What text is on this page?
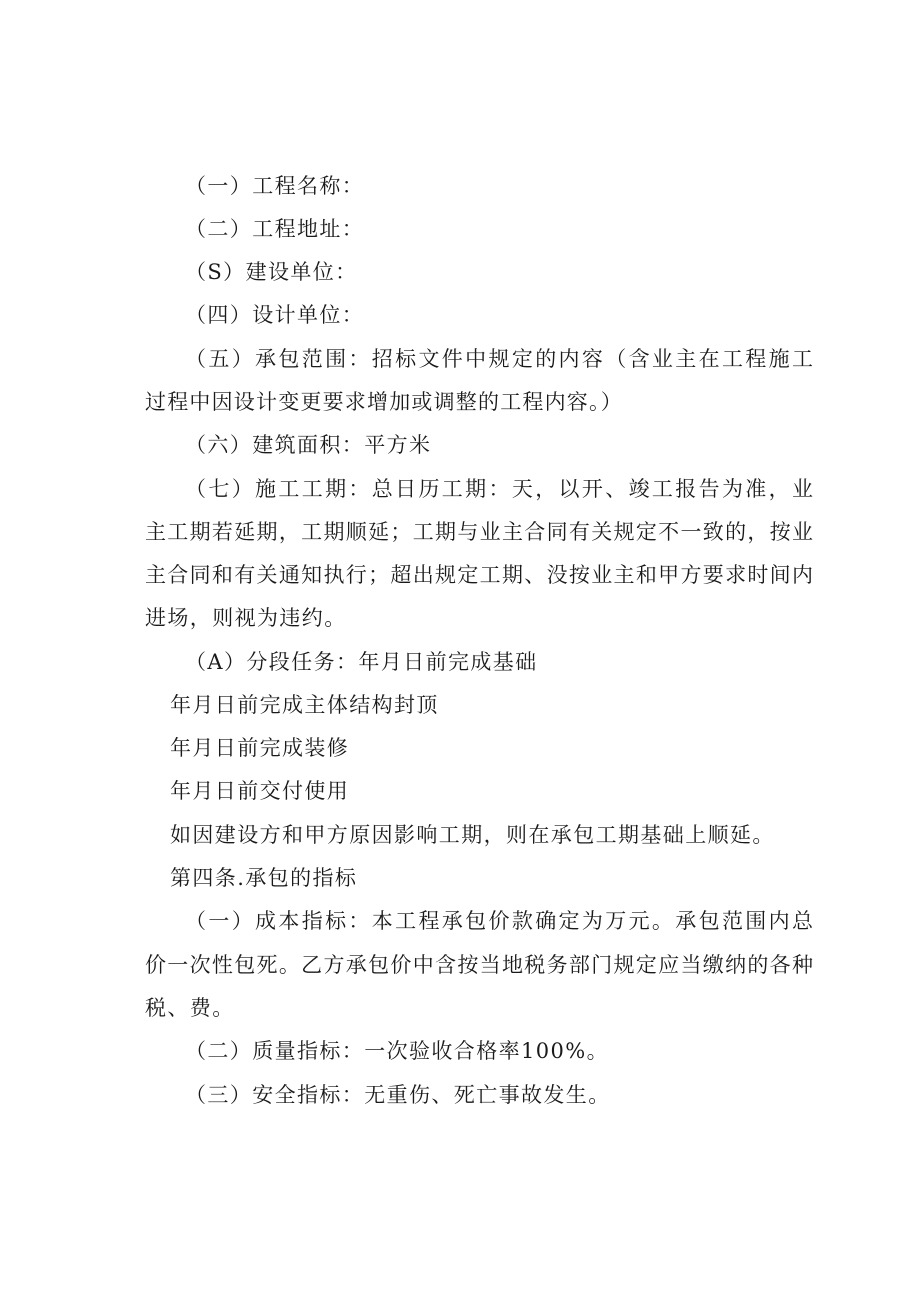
（一）工程名称：
（二）工程地址：
（S）建设单位：
（四）设计单位：
（五）承包范围：招标文件中规定的内容（含业主在工程施工
过程中因设计变更要求增加或调整的工程内容。）
（六）建筑面积：平方米
（七）施工工期：总日历工期：天，以开、竣工报告为准，业
主工期若延期，工期顺延；工期与业主合同有关规定不一致的，按业
主合同和有关通知执行；超出规定工期、没按业主和甲方要求时间内
进场，则视为违约。
（A）分段任务：年月日前完成基础
年月日前完成主体结构封顶
年月日前完成装修
年月日前交付使用
如因建设方和甲方原因影响工期，则在承包工期基础上顺延。
第四条.承包的指标
（一）成本指标：本工程承包价款确定为万元。承包范围内总
价一次性包死。乙方承包价中含按当地税务部门规定应当缴纳的各种
税、费。
（二）质量指标：一次验收合格率100%。
（三）安全指标：无重伤、死亡事故发生。
